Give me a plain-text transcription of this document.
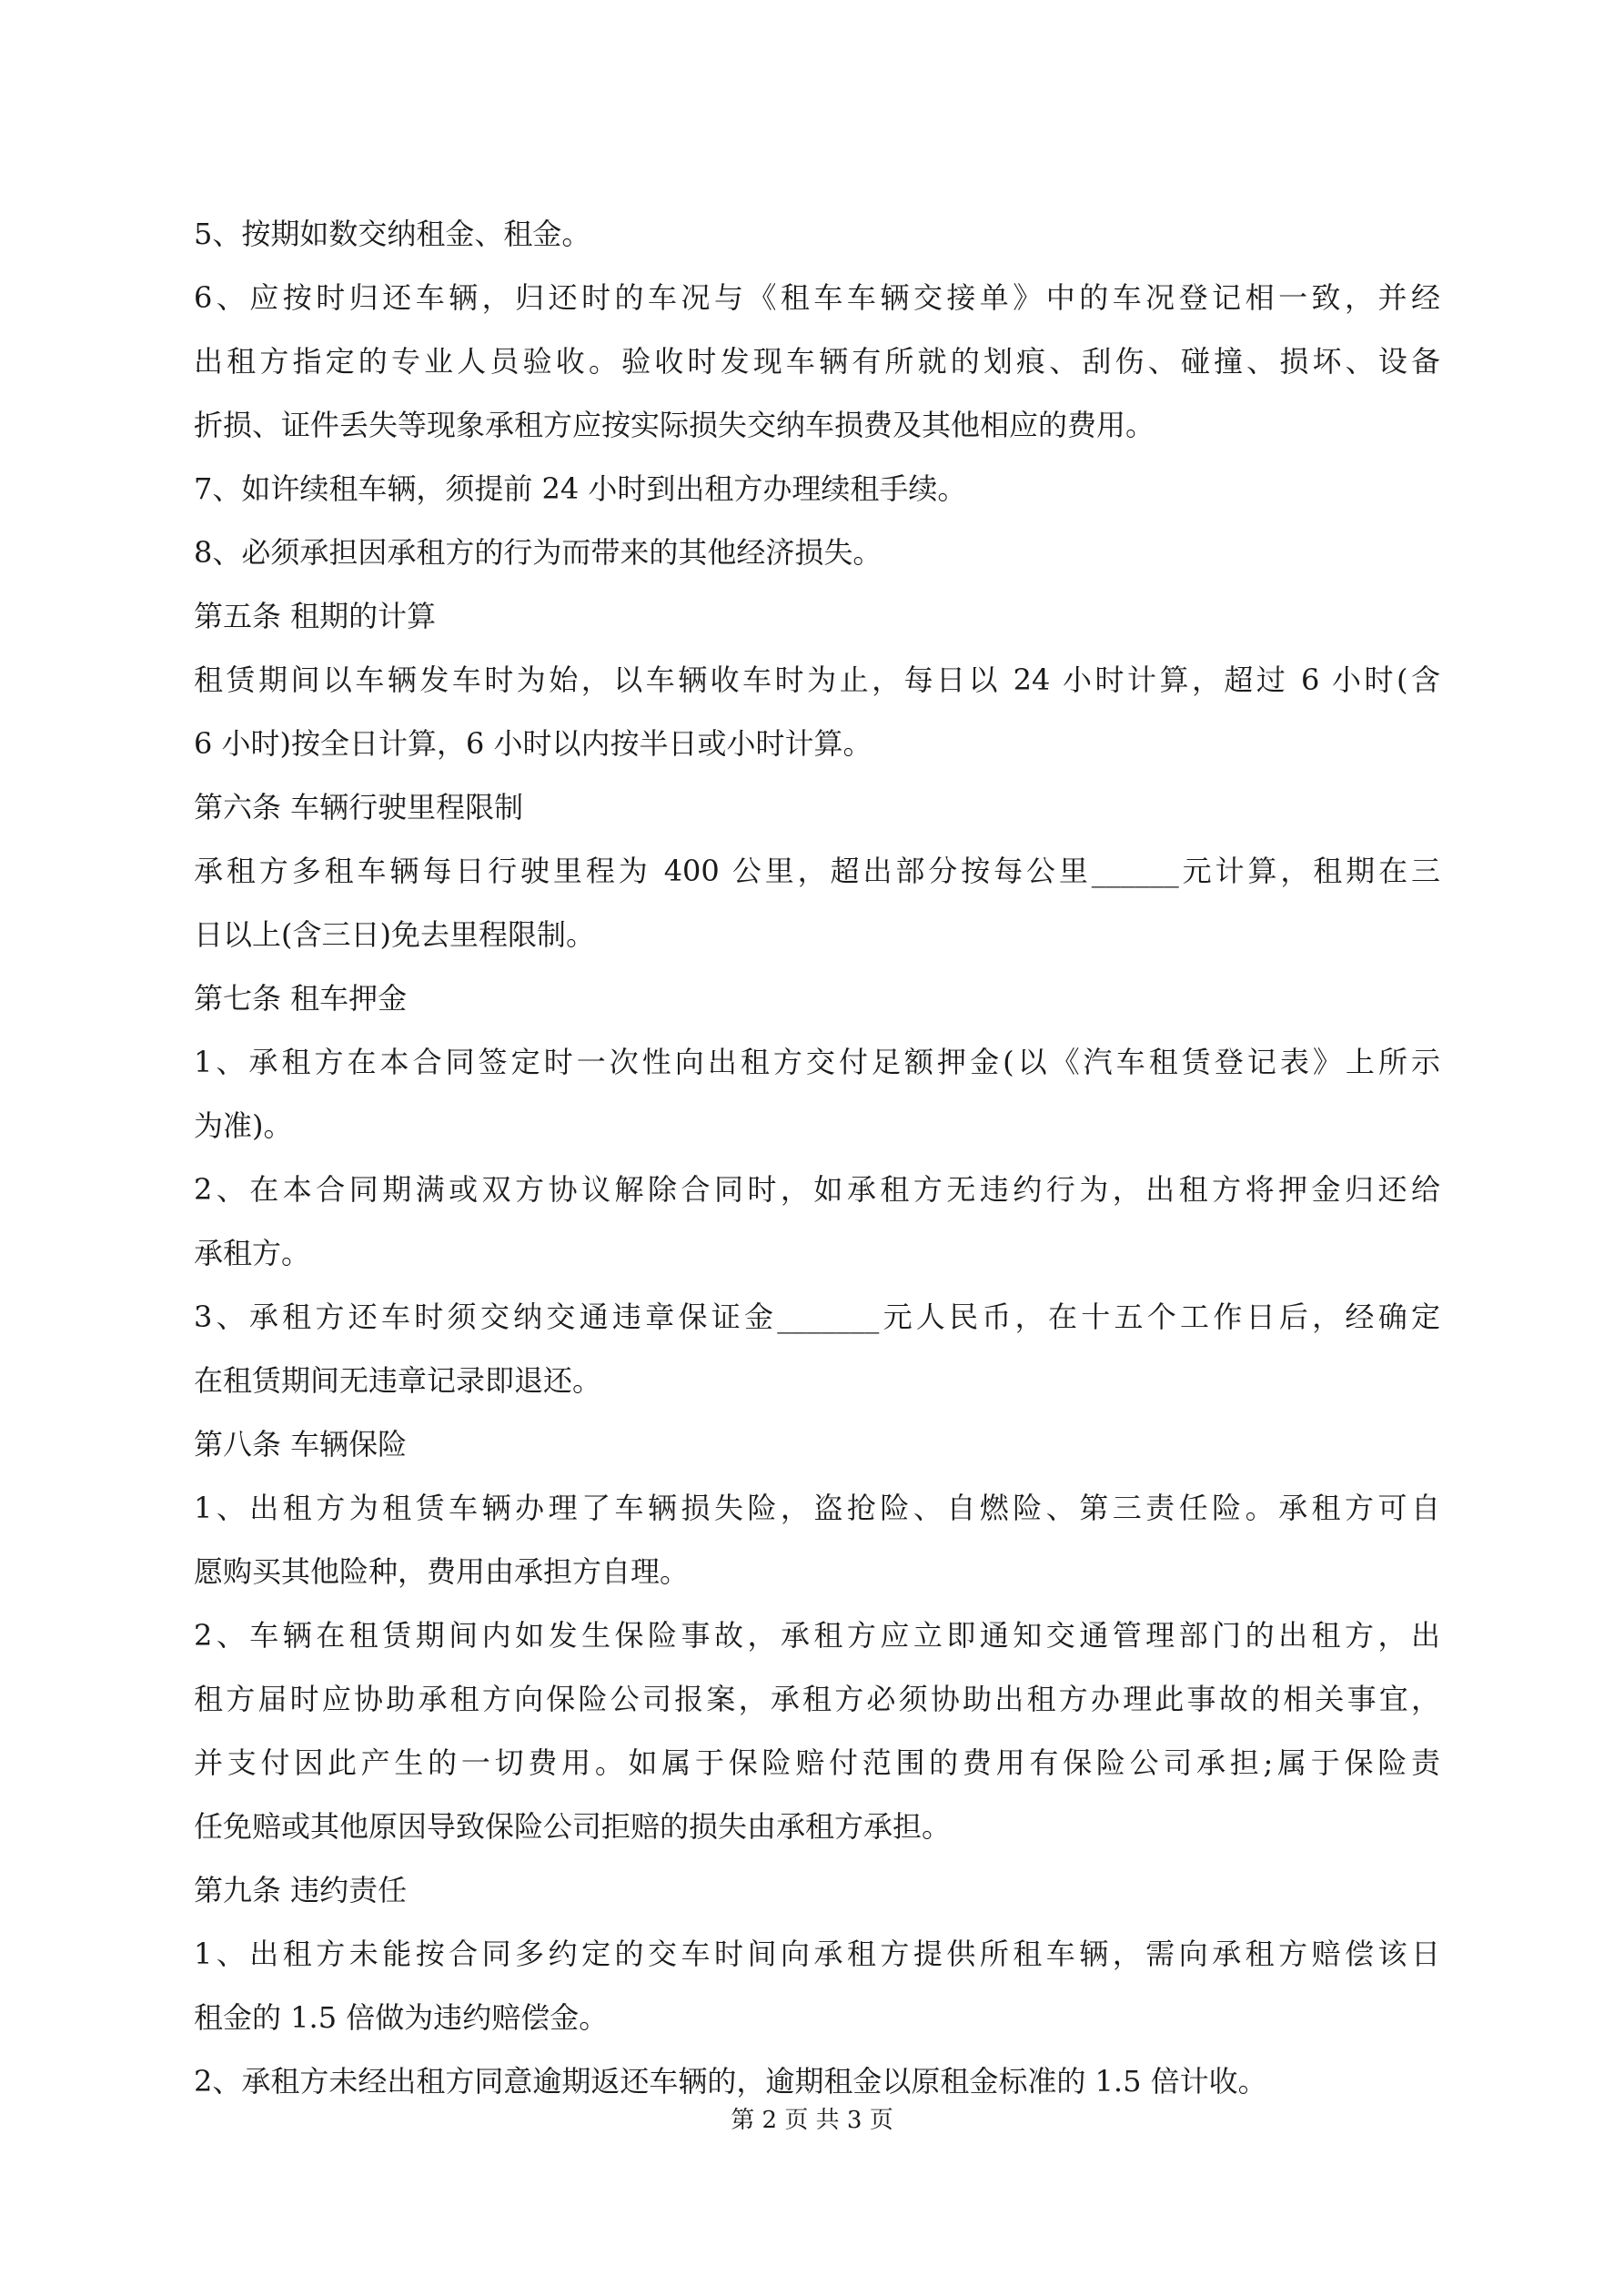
5、按期如数交纳租金、租金。

6、应按时归还车辆，归还时的车况与《租车车辆交接单》中的车况登记相一致，并经

出租方指定的专业人员验收。验收时发现车辆有所就的划痕、刮伤、碰撞、损坏、设备

折损、证件丢失等现象承租方应按实际损失交纳车损费及其他相应的费用。

7、如许续租车辆，须提前 24 小时到出租方办理续租手续。

8、必须承担因承租方的行为而带来的其他经济损失。

第五条 租期的计算

租赁期间以车辆发车时为始，以车辆收车时为止，每日以 24 小时计算，超过 6 小时(含

6 小时)按全日计算，6 小时以内按半日或小时计算。

第六条 车辆行驶里程限制

承租方多租车辆每日行驶里程为 400 公里，超出部分按每公里______元计算，租期在三

日以上(含三日)免去里程限制。

第七条 租车押金

1、承租方在本合同签定时一次性向出租方交付足额押金(以《汽车租赁登记表》上所示

为准)。

2、在本合同期满或双方协议解除合同时，如承租方无违约行为，出租方将押金归还给

承租方。

3、承租方还车时须交纳交通违章保证金_______元人民币，在十五个工作日后，经确定

在租赁期间无违章记录即退还。

第八条 车辆保险

1、出租方为租赁车辆办理了车辆损失险，盗抢险、自燃险、第三责任险。承租方可自

愿购买其他险种，费用由承担方自理。

2、车辆在租赁期间内如发生保险事故，承租方应立即通知交通管理部门的出租方，出

租方届时应协助承租方向保险公司报案，承租方必须协助出租方办理此事故的相关事宜，

并支付因此产生的一切费用。如属于保险赔付范围的费用有保险公司承担;属于保险责

任免赔或其他原因导致保险公司拒赔的损失由承租方承担。

第九条 违约责任

1、出租方未能按合同多约定的交车时间向承租方提供所租车辆，需向承租方赔偿该日

租金的 1.5 倍做为违约赔偿金。

2、承租方未经出租方同意逾期返还车辆的，逾期租金以原租金标准的 1.5 倍计收。

第 2 页 共 3 页
